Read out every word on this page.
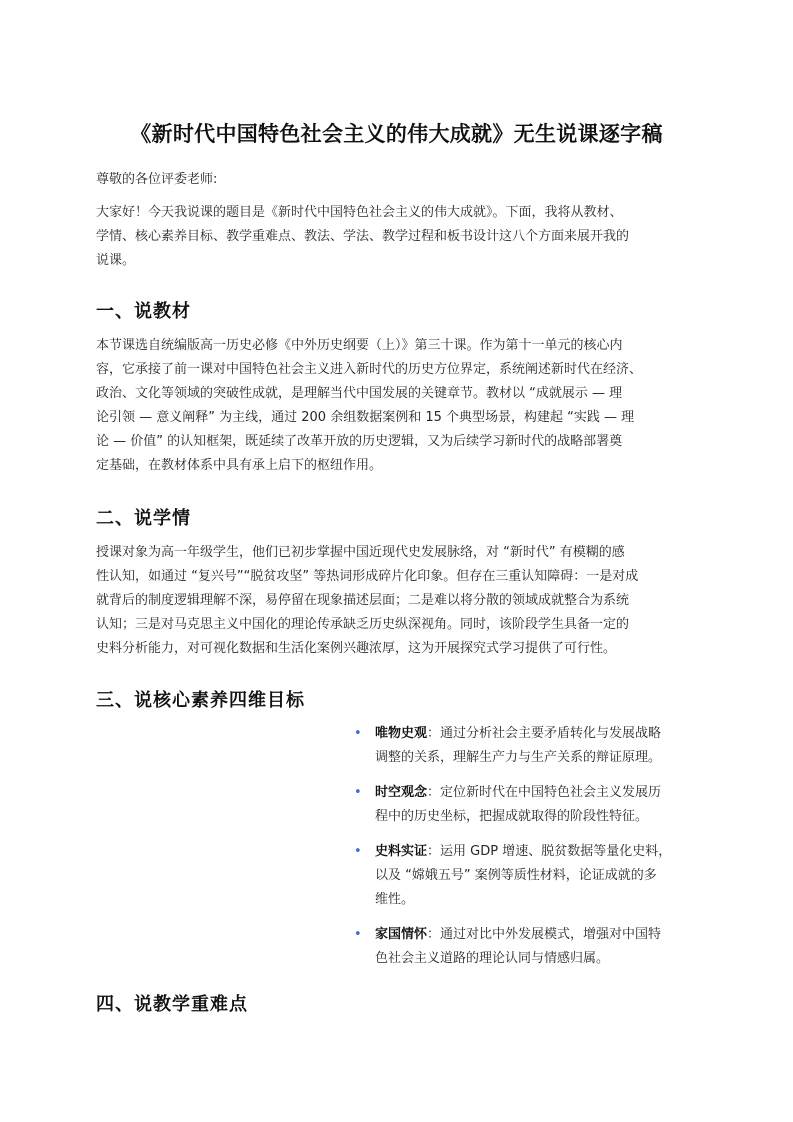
《新时代中国特色社会主义的伟大成就》无生说课逐字稿

尊敬的各位评委老师:

大家好！今天我说课的题目是《新时代中国特色社会主义的伟大成就》。下面，我将从教材、
学情、核心素养目标、教学重难点、教法、学法、教学过程和板书设计这八个方面来展开我的
说课。

一、说教材

本节课选自统编版高一历史必修《中外历史纲要（上）》第三十课。作为第十一单元的核心内
容，它承接了前一课对中国特色社会主义进入新时代的历史方位界定，系统阐述新时代在经济、
政治、文化等领域的突破性成就，是理解当代中国发展的关键章节。教材以 “成就展示 — 理
论引领 — 意义阐释” 为主线，通过 200 余组数据案例和 15 个典型场景，构建起 “实践 — 理
论 — 价值” 的认知框架，既延续了改革开放的历史逻辑，又为后续学习新时代的战略部署奠
定基础，在教材体系中具有承上启下的枢纽作用。

二、说学情

授课对象为高一年级学生，他们已初步掌握中国近现代史发展脉络，对 “新时代” 有模糊的感
性认知，如通过 “复兴号”“脱贫攻坚” 等热词形成碎片化印象。但存在三重认知障碍：一是对成
就背后的制度逻辑理解不深，易停留在现象描述层面；二是难以将分散的领域成就整合为系统
认知；三是对马克思主义中国化的理论传承缺乏历史纵深视角。同时，该阶段学生具备一定的
史料分析能力，对可视化数据和生活化案例兴趣浓厚，这为开展探究式学习提供了可行性。

三、说核心素养四维目标
• 唯物史观：通过分析社会主要矛盾转化与发展战略
调整的关系，理解生产力与生产关系的辩证原理。
• 时空观念：定位新时代在中国特色社会主义发展历
程中的历史坐标，把握成就取得的阶段性特征。
• 史料实证：运用 GDP 增速、脱贫数据等量化史料，
以及 “嫦娥五号” 案例等质性材料，论证成就的多
维性。
• 家国情怀：通过对比中外发展模式，增强对中国特
色社会主义道路的理论认同与情感归属。
四、说教学重难点
